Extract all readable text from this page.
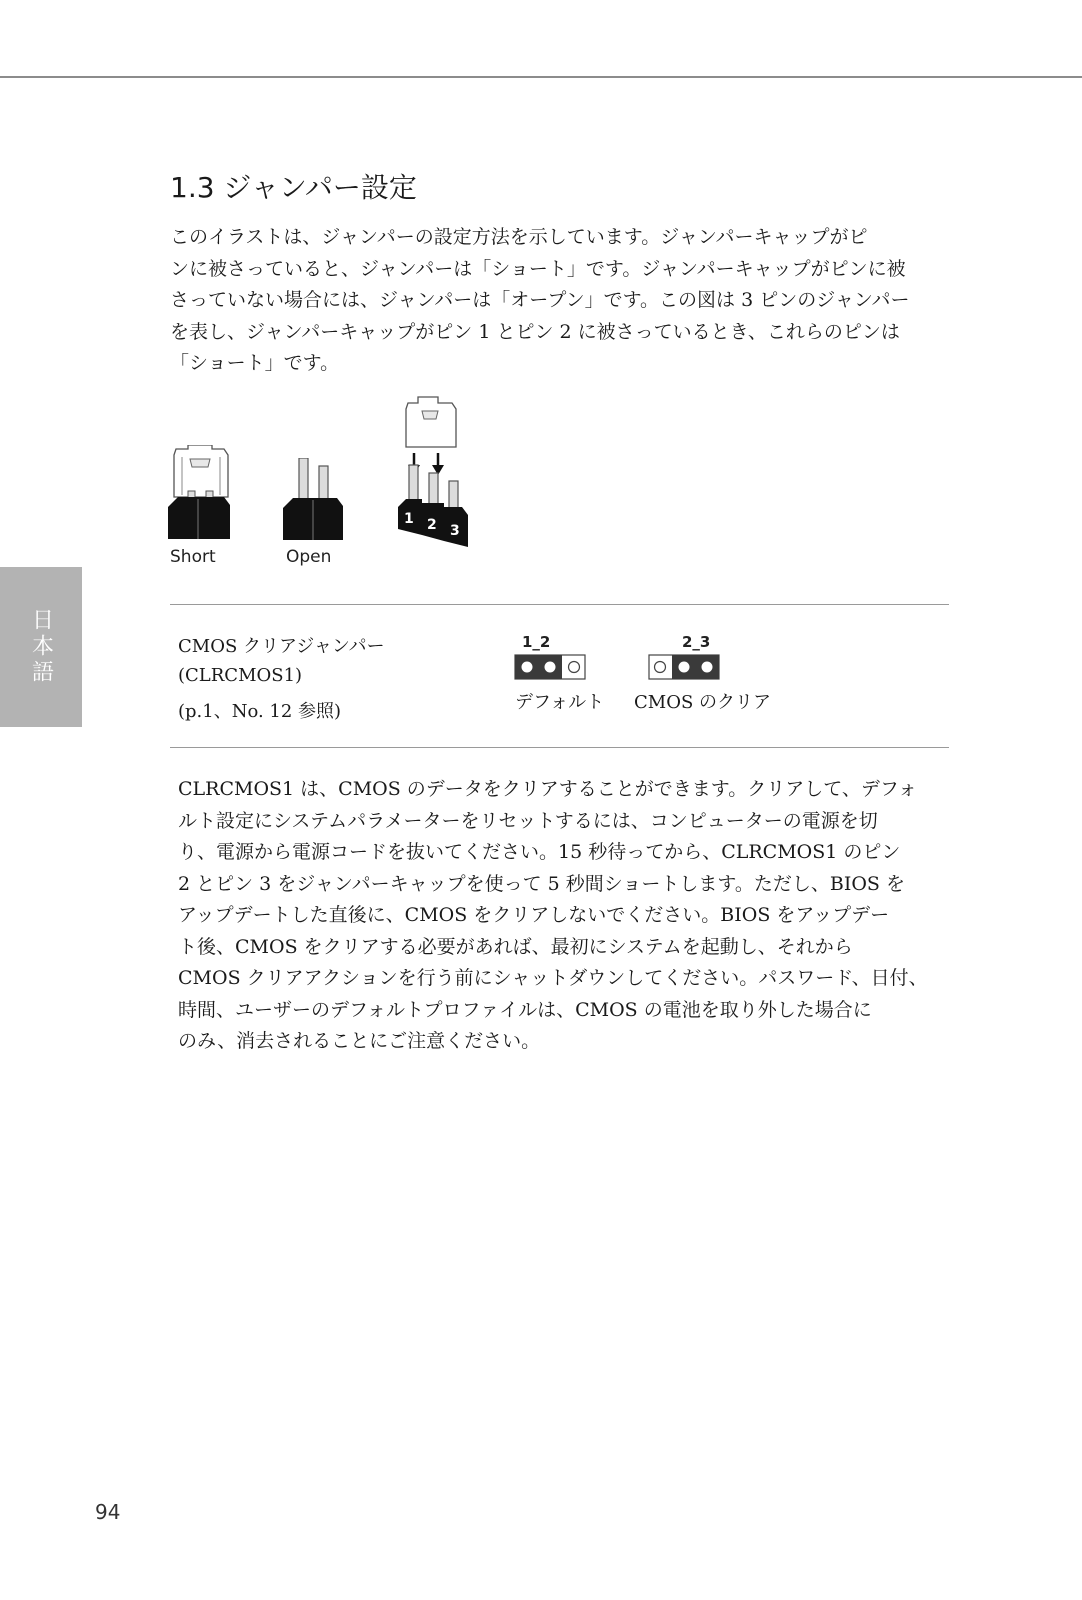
日本語
1.3 ジャンパー設定

このイラストは、ジャンパーの設定方法を示しています。ジャンパーキャップがピ
ンに被さっていると、ジャンパーは「ショート」です。ジャンパーキャップがピンに被
さっていない場合には、ジャンパーは「オープン」です。この図は 3 ピンのジャンパー
を表し、ジャンパーキャップがピン 1 とピン 2 に被さっているとき、これらのピンは
「ショート」です。

Short	Open
1 2 3
CMOS クリアジャンパー
(CLRCMOS1)
(p.1、No. 12 参照)
1_2
デフォルト
2_3
CMOS のクリア

CLRCMOS1 は、CMOS のデータをクリアすることができます。クリアして、デフォ
ルト設定にシステムパラメーターをリセットするには、コンピューターの電源を切
り、電源から電源コードを抜いてください。15 秒待ってから、CLRCMOS1 のピン
2 とピン 3 をジャンパーキャップを使って 5 秒間ショートします。ただし、BIOS を
アップデートした直後に、CMOS をクリアしないでください。BIOS をアップデー
ト後、CMOS をクリアする必要があれば、最初にシステムを起動し、それから
CMOS クリアアクションを行う前にシャットダウンしてください。パスワード、日付、
時間、ユーザーのデフォルトプロファイルは、CMOS の電池を取り外した場合に
のみ、消去されることにご注意ください。

94
